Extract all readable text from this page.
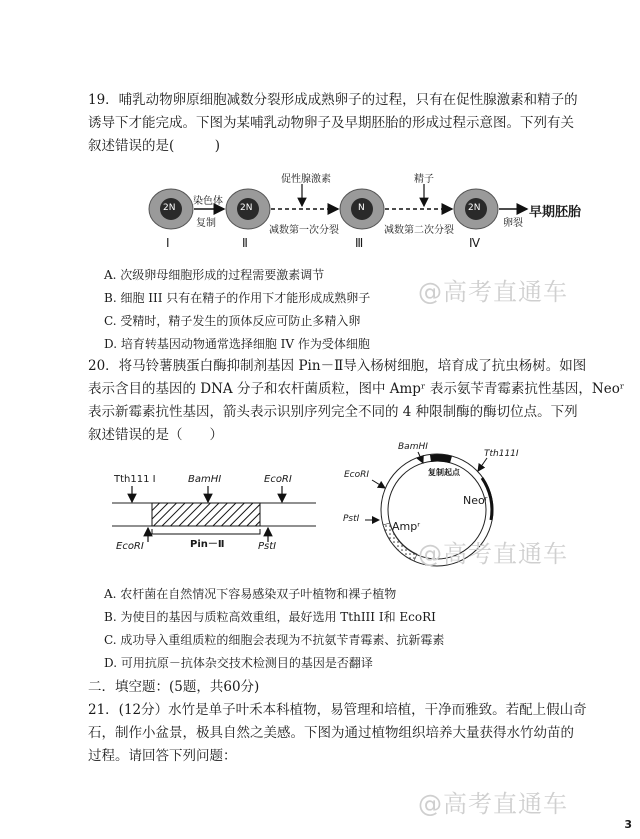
19．哺乳动物卵原细胞减数分裂形成成熟卵子的过程，只有在促性腺激素和精子的
诱导下才能完成。下图为某哺乳动物卵子及早期胚胎的形成过程示意图。下列有关
叙述错误的是(　　　)
2N	2N	N	2N
Ⅰ	Ⅱ	Ⅲ	Ⅳ
染色体
复制
促性腺激素
减数第一次分裂
精子
减数第二次分裂
卵裂
早期胚胎
A. 次级卵母细胞形成的过程需要激素调节
B. 细胞 III 只有在精子的作用下才能形成成熟卵子
C. 受精时，精子发生的顶体反应可防止多精入卵
D. 培育转基因动物通常选择细胞 IV 作为受体细胞
20．将马铃薯胰蛋白酶抑制剂基因 Pin－Ⅱ导入杨树细胞，培育成了抗虫杨树。如图
表示含目的基因的 DNA 分子和农杆菌质粒，图中 Ampʳ 表示氨苄青霉素抗性基因，Neoʳ
表示新霉素抗性基因，箭头表示识别序列完全不同的 4 种限制酶的酶切位点。下列
叙述错误的是（　　）
Tth111 Ⅰ	BamHⅠ	EcoRⅠ
EcoRⅠ	Pin－Ⅱ	PstⅠ
BamHⅠ
Tth111Ⅰ
EcoRⅠ
PstⅠ
复制起点
Neoʳ
Ampʳ
A. 农杆菌在自然情况下容易感染双子叶植物和裸子植物
B. 为使目的基因与质粒高效重组，最好选用 TthIII Ⅰ和 EcoRI
C. 成功导入重组质粒的细胞会表现为不抗氨苄青霉素、抗新霉素
D. 可用抗原－抗体杂交技术检测目的基因是否翻译
二．填空题：(5题，共60分)
21．(12分）水竹是单子叶禾本科植物，易管理和培植，干净而雅致。若配上假山奇
石，制作小盆景，极具自然之美感。下图为通过植物组织培养大量获得水竹幼苗的
过程。请回答下列问题：
@高考直通车
@高考直通车
@高考直通车
3
